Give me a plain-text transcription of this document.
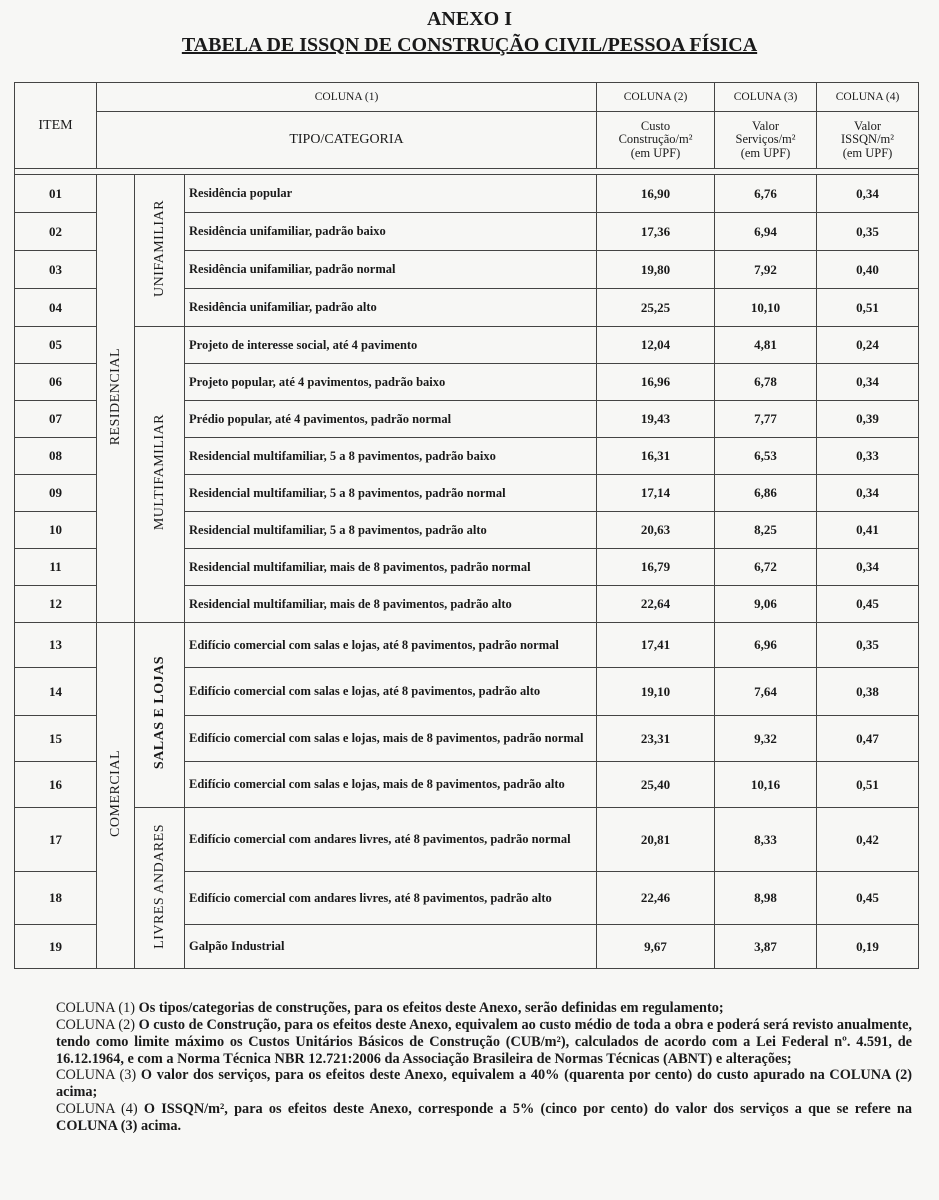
ANEXO I
TABELA DE ISSQN DE CONSTRUÇÃO CIVIL/PESSOA FÍSICA
ITEM	COLUNA (1)			COLUNA (2)	COLUNA (3)	COLUNA (4)
	TIPO/CATEGORIA			Custo
Construção/m²
(em UPF)	Valor
Serviços/m²
(em UPF)	Valor
ISSQN/m²
(em UPF)

01	RESIDENCIAL	UNIFAMILIAR	Residência popular	16,90	6,76	0,34
02			Residência unifamiliar, padrão baixo	17,36	6,94	0,35
03			Residência unifamiliar, padrão normal	19,80	7,92	0,40
04			Residência unifamiliar, padrão alto	25,25	10,10	0,51
05		MULTIFAMILIAR	Projeto de interesse social, até 4 pavimento	12,04	4,81	0,24
06			Projeto popular, até 4 pavimentos, padrão baixo	16,96	6,78	0,34
07			Prédio popular, até 4 pavimentos, padrão normal	19,43	7,77	0,39
08			Residencial multifamiliar, 5 a 8 pavimentos, padrão baixo	16,31	6,53	0,33
09			Residencial multifamiliar, 5 a 8 pavimentos, padrão normal	17,14	6,86	0,34
10			Residencial multifamiliar, 5 a 8 pavimentos, padrão alto	20,63	8,25	0,41
11			Residencial multifamiliar, mais de 8 pavimentos, padrão normal	16,79	6,72	0,34
12			Residencial multifamiliar, mais de 8 pavimentos, padrão alto	22,64	9,06	0,45
13	COMERCIAL	SALAS E LOJAS	Edifício comercial com salas e lojas, até 8 pavimentos, padrão normal	17,41	6,96	0,35
14			Edifício comercial com salas e lojas, até 8 pavimentos, padrão alto	19,10	7,64	0,38
15			Edifício comercial com salas e lojas, mais de 8 pavimentos, padrão normal	23,31	9,32	0,47
16			Edifício comercial com salas e lojas, mais de 8 pavimentos, padrão alto	25,40	10,16	0,51
17		LIVRES ANDARES	Edifício comercial com andares livres, até 8 pavimentos, padrão normal	20,81	8,33	0,42
18			Edifício comercial com andares livres, até 8 pavimentos, padrão alto	22,46	8,98	0,45
19			Galpão Industrial	9,67	3,87	0,19

COLUNA (1) Os tipos/categorias de construções, para os efeitos deste Anexo, serão definidas em regulamento;

COLUNA (2) O custo de Construção, para os efeitos deste Anexo, equivalem ao custo médio de toda a obra e poderá será revisto anualmente, tendo como limite máximo os Custos Unitários Básicos de Construção (CUB/m²), calculados de acordo com a Lei Federal nº. 4.591, de 16.12.1964, e com a Norma Técnica NBR 12.721:2006 da Associação Brasileira de Normas Técnicas (ABNT) e alterações;

COLUNA (3) O valor dos serviços, para os efeitos deste Anexo, equivalem a 40% (quarenta por cento) do custo apurado na COLUNA (2) acima;

COLUNA (4) O ISSQN/m², para os efeitos deste Anexo, corresponde a 5% (cinco por cento) do valor dos serviços a que se refere na COLUNA (3) acima.
